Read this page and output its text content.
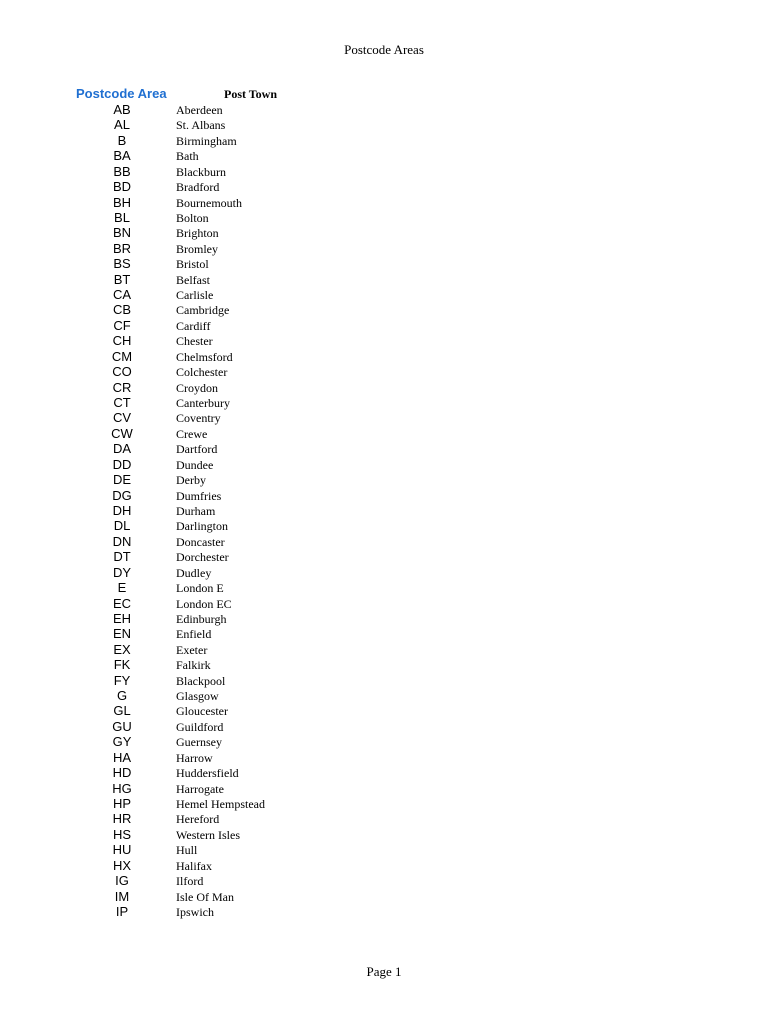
Postcode Areas
Postcode Area	Post Town
AB	Aberdeen
AL	St. Albans
B	Birmingham
BA	Bath
BB	Blackburn
BD	Bradford
BH	Bournemouth
BL	Bolton
BN	Brighton
BR	Bromley
BS	Bristol
BT	Belfast
CA	Carlisle
CB	Cambridge
CF	Cardiff
CH	Chester
CM	Chelmsford
CO	Colchester
CR	Croydon
CT	Canterbury
CV	Coventry
CW	Crewe
DA	Dartford
DD	Dundee
DE	Derby
DG	Dumfries
DH	Durham
DL	Darlington
DN	Doncaster
DT	Dorchester
DY	Dudley
E	London E
EC	London EC
EH	Edinburgh
EN	Enfield
EX	Exeter
FK	Falkirk
FY	Blackpool
G	Glasgow
GL	Gloucester
GU	Guildford
GY	Guernsey
HA	Harrow
HD	Huddersfield
HG	Harrogate
HP	Hemel Hempstead
HR	Hereford
HS	Western Isles
HU	Hull
HX	Halifax
IG	Ilford
IM	Isle Of Man
IP	Ipswich
Page 1
